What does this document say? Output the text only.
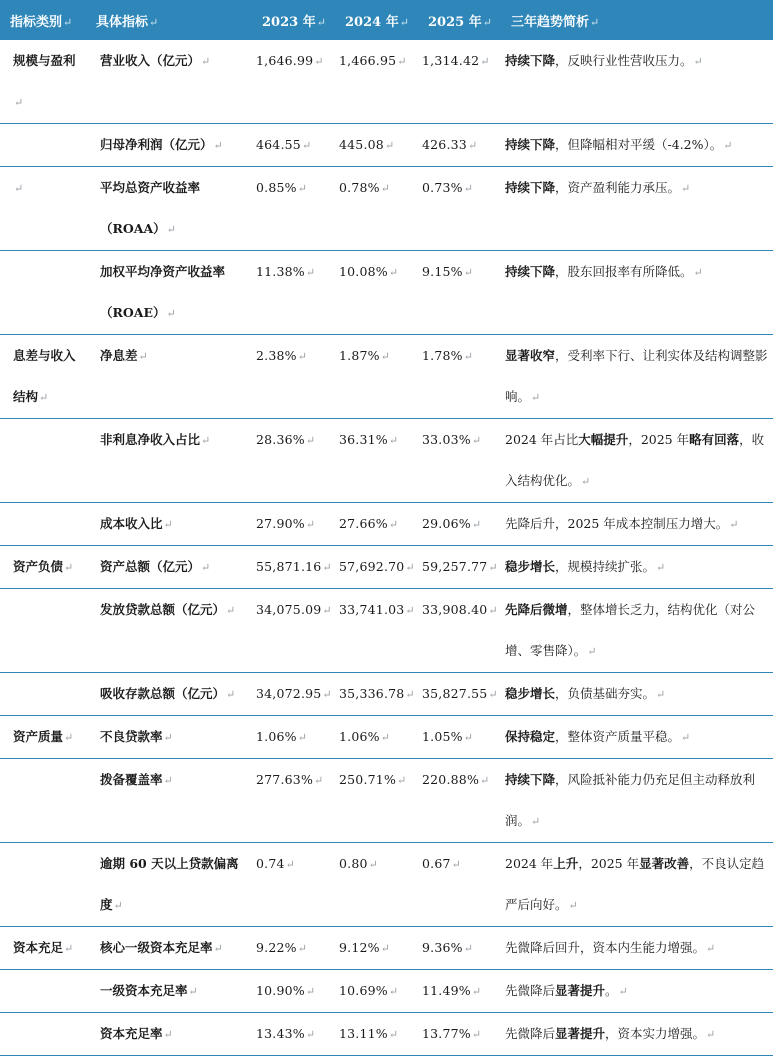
指标类别↵	具体指标↵	2023 年↵	2024 年↵	2025 年↵	三年趋势简析↵
规模与盈利↵	营业收入（亿元）↵	1,646.99↵	1,466.95↵	1,314.42↵	持续下降，反映行业性营收压力。↵
	归母净利润（亿元）↵	464.55↵	445.08↵	426.33↵	持续下降，但降幅相对平缓（-4.2%）。↵
↵	平均总资产收益率（ROAA）↵	0.85%↵	0.78%↵	0.73%↵	持续下降，资产盈利能力承压。↵
	加权平均净资产收益率（ROAE）↵	11.38%↵	10.08%↵	9.15%↵	持续下降，股东回报率有所降低。↵
息差与收入结构↵	净息差↵	2.38%↵	1.87%↵	1.78%↵	显著收窄，受利率下行、让利实体及结构调整影响。↵
	非利息净收入占比↵	28.36%↵	36.31%↵	33.03%↵	2024 年占比大幅提升，2025 年略有回落，收入结构优化。↵
	成本收入比↵	27.90%↵	27.66%↵	29.06%↵	先降后升，2025 年成本控制压力增大。↵
资产负债↵	资产总额（亿元）↵	55,871.16↵	57,692.70↵	59,257.77↵	稳步增长，规模持续扩张。↵
	发放贷款总额（亿元）↵	34,075.09↵	33,741.03↵	33,908.40↵	先降后微增，整体增长乏力，结构优化（对公增、零售降）。↵
	吸收存款总额（亿元）↵	34,072.95↵	35,336.78↵	35,827.55↵	稳步增长，负债基础夯实。↵
资产质量↵	不良贷款率↵	1.06%↵	1.06%↵	1.05%↵	保持稳定，整体资产质量平稳。↵
	拨备覆盖率↵	277.63%↵	250.71%↵	220.88%↵	持续下降，风险抵补能力仍充足但主动释放利润。↵
	逾期 60 天以上贷款偏离度↵	0.74↵	0.80↵	0.67↵	2024 年上升，2025 年显著改善，不良认定趋严后向好。↵
资本充足↵	核心一级资本充足率↵	9.22%↵	9.12%↵	9.36%↵	先微降后回升，资本内生能力增强。↵
	一级资本充足率↵	10.90%↵	10.69%↵	11.49%↵	先微降后显著提升。↵
	资本充足率↵	13.43%↵	13.11%↵	13.77%↵	先微降后显著提升，资本实力增强。↵
